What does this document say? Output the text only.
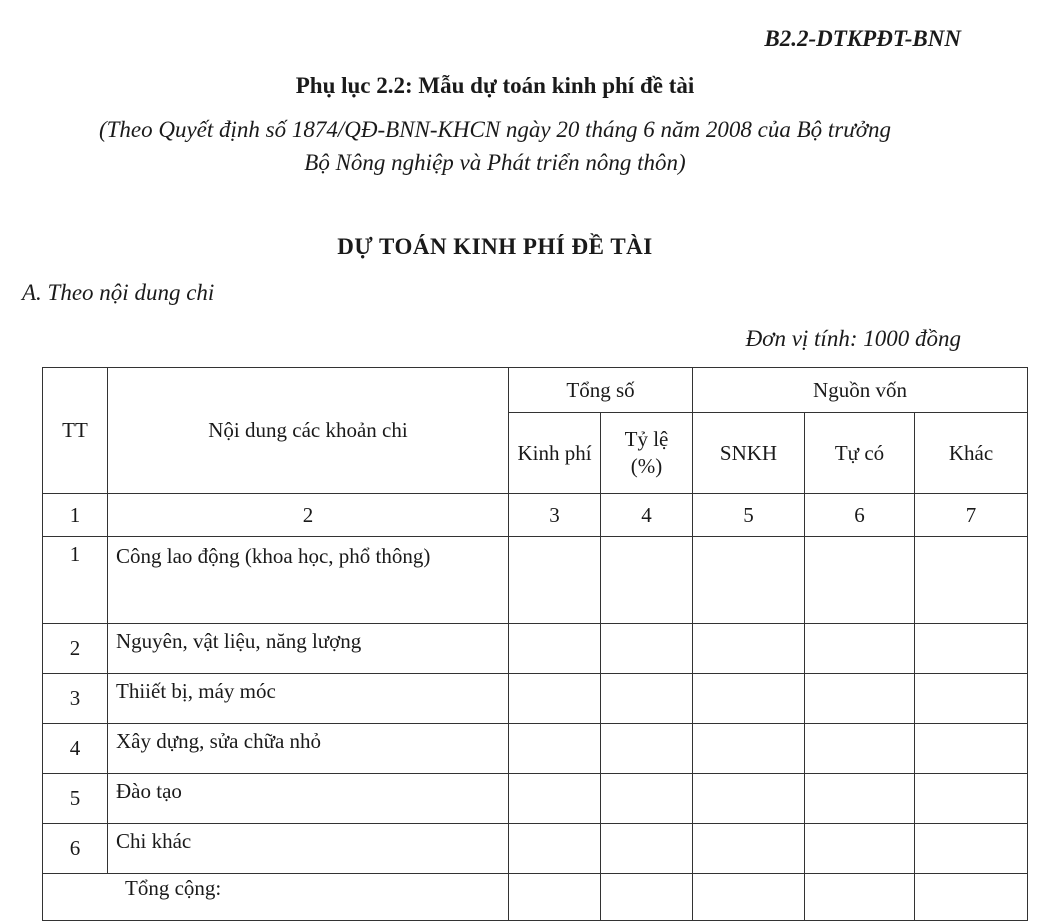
B2.2-DTKPĐT-BNN
Phụ lục 2.2: Mẫu dự toán kinh phí đề tài
(Theo Quyết định số 1874/QĐ-BNN-KHCN ngày 20 tháng 6 năm 2008 của Bộ trưởng
Bộ Nông nghiệp và Phát triển nông thôn)
DỰ TOÁN KINH PHÍ ĐỀ TÀI
A. Theo nội dung chi
Đơn vị tính: 1000 đồng
TT	Nội dung các khoản chi	Tổng số		Nguồn vốn		
		Kinh phí	Tỷ lệ (%)	SNKH	Tự có	Khác
1	2	3	4	5	6	7
1	Công lao động (khoa học, phổ thông)					
2	Nguyên, vật liệu, năng lượng					
3	Thiiết bị, máy móc					
4	Xây dựng, sửa chữa nhỏ					
5	Đào tạo					
6	Chi khác					
Tổng cộng:						
